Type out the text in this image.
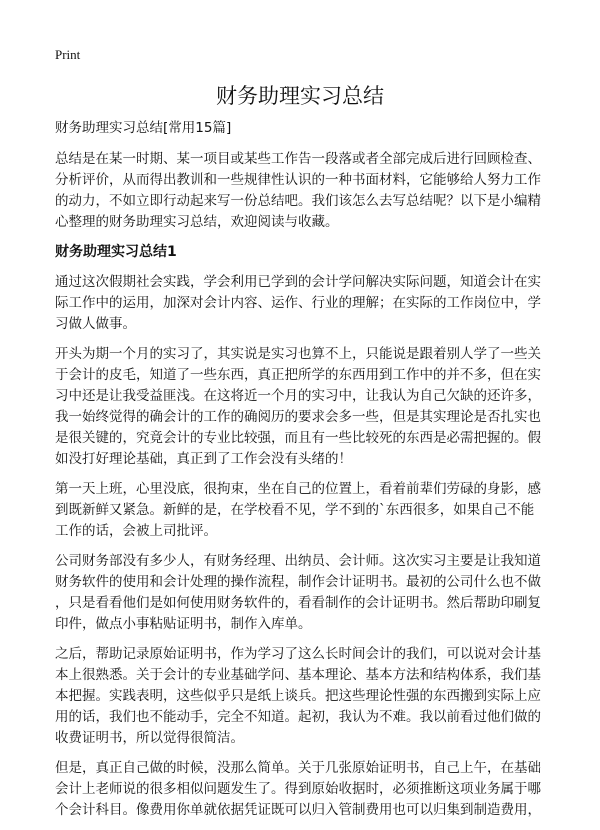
Print
财务助理实习总结
财务助理实习总结[常用15篇]
总结是在某一时期、某一项目或某些工作告一段落或者全部完成后进行回顾检查、
分析评价，从而得出教训和一些规律性认识的一种书面材料，它能够给人努力工作
的动力，不如立即行动起来写一份总结吧。我们该怎么去写总结呢？以下是小编精
心整理的财务助理实习总结，欢迎阅读与收藏。
财务助理实习总结1
通过这次假期社会实践，学会利用已学到的会计学问解决实际问题，知道会计在实
际工作中的运用，加深对会计内容、运作、行业的理解；在实际的工作岗位中，学
习做人做事。
开头为期一个月的实习了，其实说是实习也算不上，只能说是跟着别人学了一些关
于会计的皮毛，知道了一些东西，真正把所学的东西用到工作中的并不多，但在实
习中还是让我受益匪浅。在这将近一个月的实习中，让我认为自己欠缺的还许多，
我一始终觉得的确会计的工作的确阅历的要求会多一些，但是其实理论是否扎实也
是很关键的，究竟会计的专业比较强，而且有一些比较死的东西是必需把握的。假
如没打好理论基础，真正到了工作会没有头绪的！
第一天上班，心里没底，很拘束，坐在自己的位置上，看着前辈们劳碌的身影，感
到既新鲜又紧急。新鲜的是，在学校看不见，学不到的`东西很多，如果自己不能
工作的话，会被上司批评。
公司财务部没有多少人，有财务经理、出纳员、会计师。这次实习主要是让我知道
财务软件的使用和会计处理的操作流程，制作会计证明书。最初的公司什么也不做
，只是看看他们是如何使用财务软件的，看看制作的会计证明书。然后帮助印刷复
印件，做点小事粘贴证明书，制作入库单。
之后，帮助记录原始证明书，作为学习了这么长时间会计的我们，可以说对会计基
本上很熟悉。关于会计的专业基础学问、基本理论、基本方法和结构体系，我们基
本把握。实践表明，这些似乎只是纸上谈兵。把这些理论性强的东西搬到实际上应
用的话，我们也不能动手，完全不知道。起初，我认为不难。我以前看过他们做的
收费证明书，所以觉得很简洁。
但是，真正自己做的时候，没那么简单。关于几张原始证明书，自己上午，在基础
会计上老师说的很多相似问题发生了。得到原始收据时，必须推断这项业务属于哪
个会计科目。像费用你单就依据凭证既可以归入管制费用也可以归集到制造费用，
